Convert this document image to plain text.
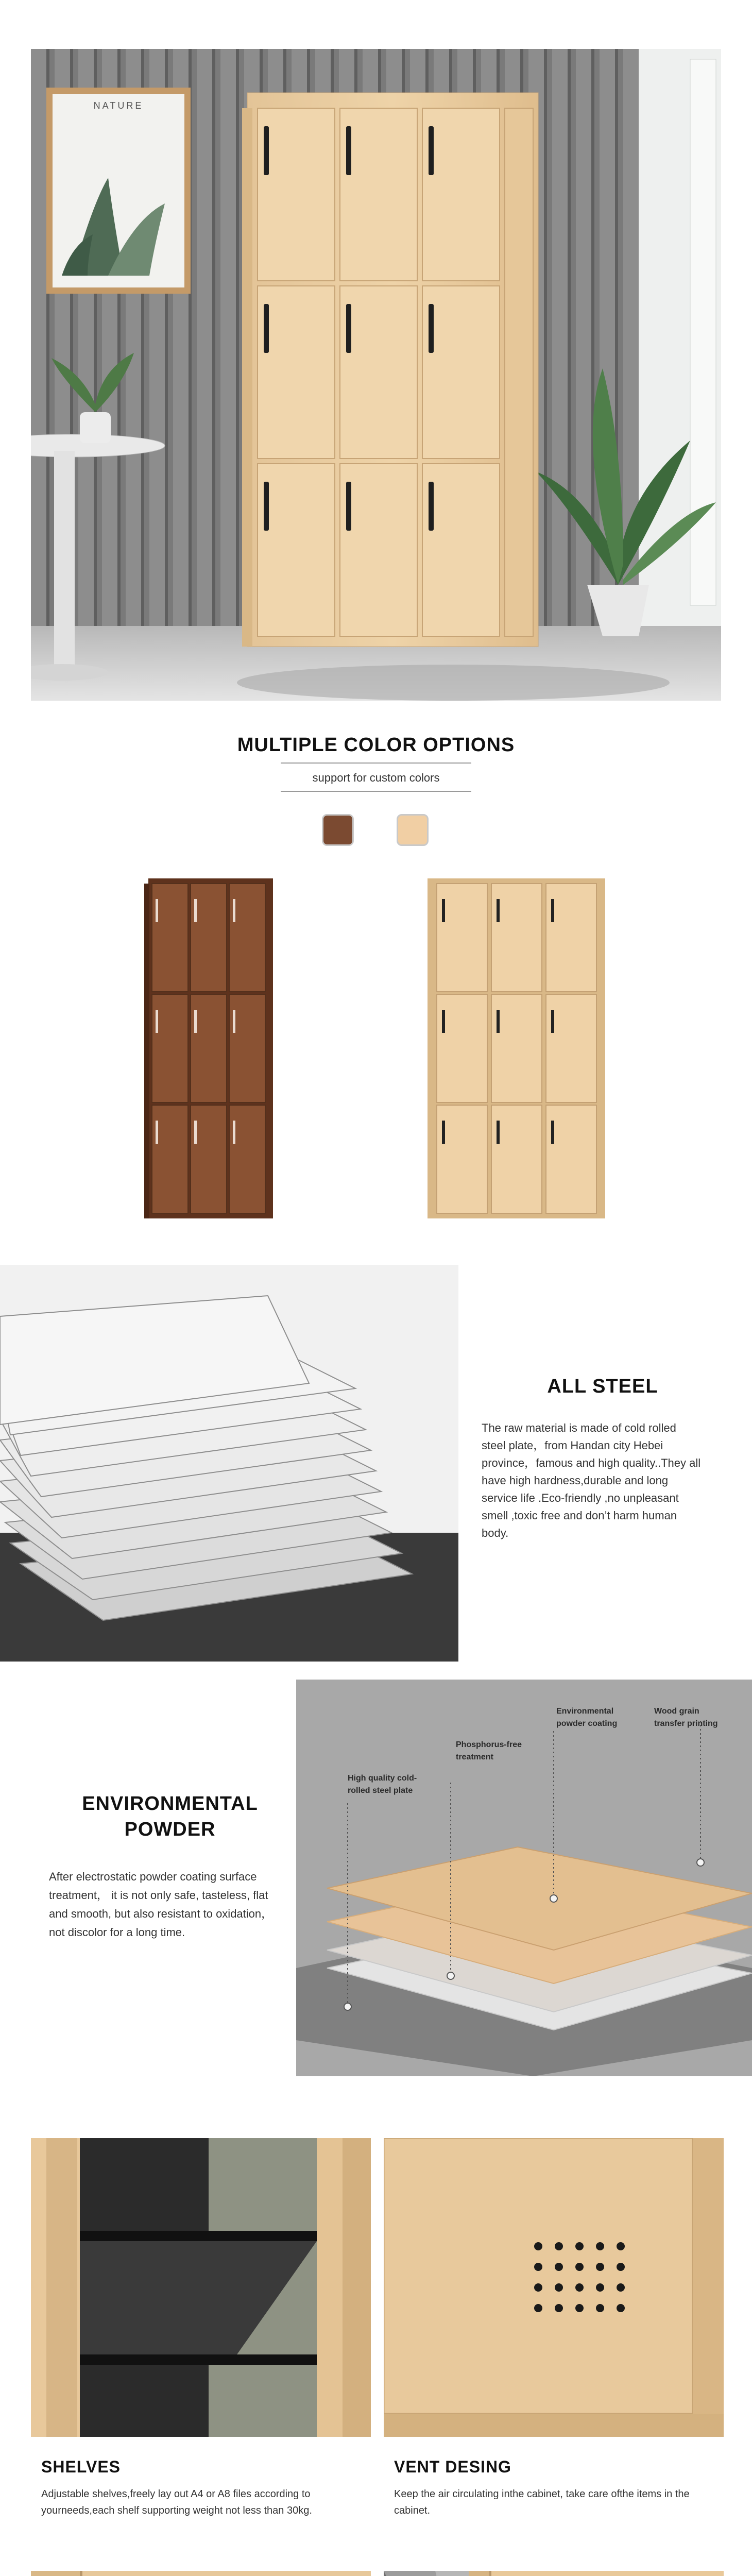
NATURE
MULTIPLE COLOR OPTIONS
support for custom colors
ALL STEEL
The raw material is made of cold rolled steel plate，from Handan city Hebei province，famous and high quality..They all have high hardness,durable and long service life .Eco-friendly ,no unpleasant smell ,toxic free and don’t harm human body.
ENVIRONMENTAL
POWDER
After electrostatic powder coating surface treatment， it is not only safe, tasteless, flat and smooth, but also resistant to oxidation，not discolor for a long time.
Environmental
powder coating
Wood grain
transfer printing
Phosphorus-free
treatment
High quality cold-
rolled steel plate
SHELVES
Adjustable shelves,freely lay out A4 or A8 files according to yourneeds,each shelf supporting weight not less than 30kg.
VENT DESING
Keep the air circulating inthe cabinet, take care ofthe items in the cabinet.
